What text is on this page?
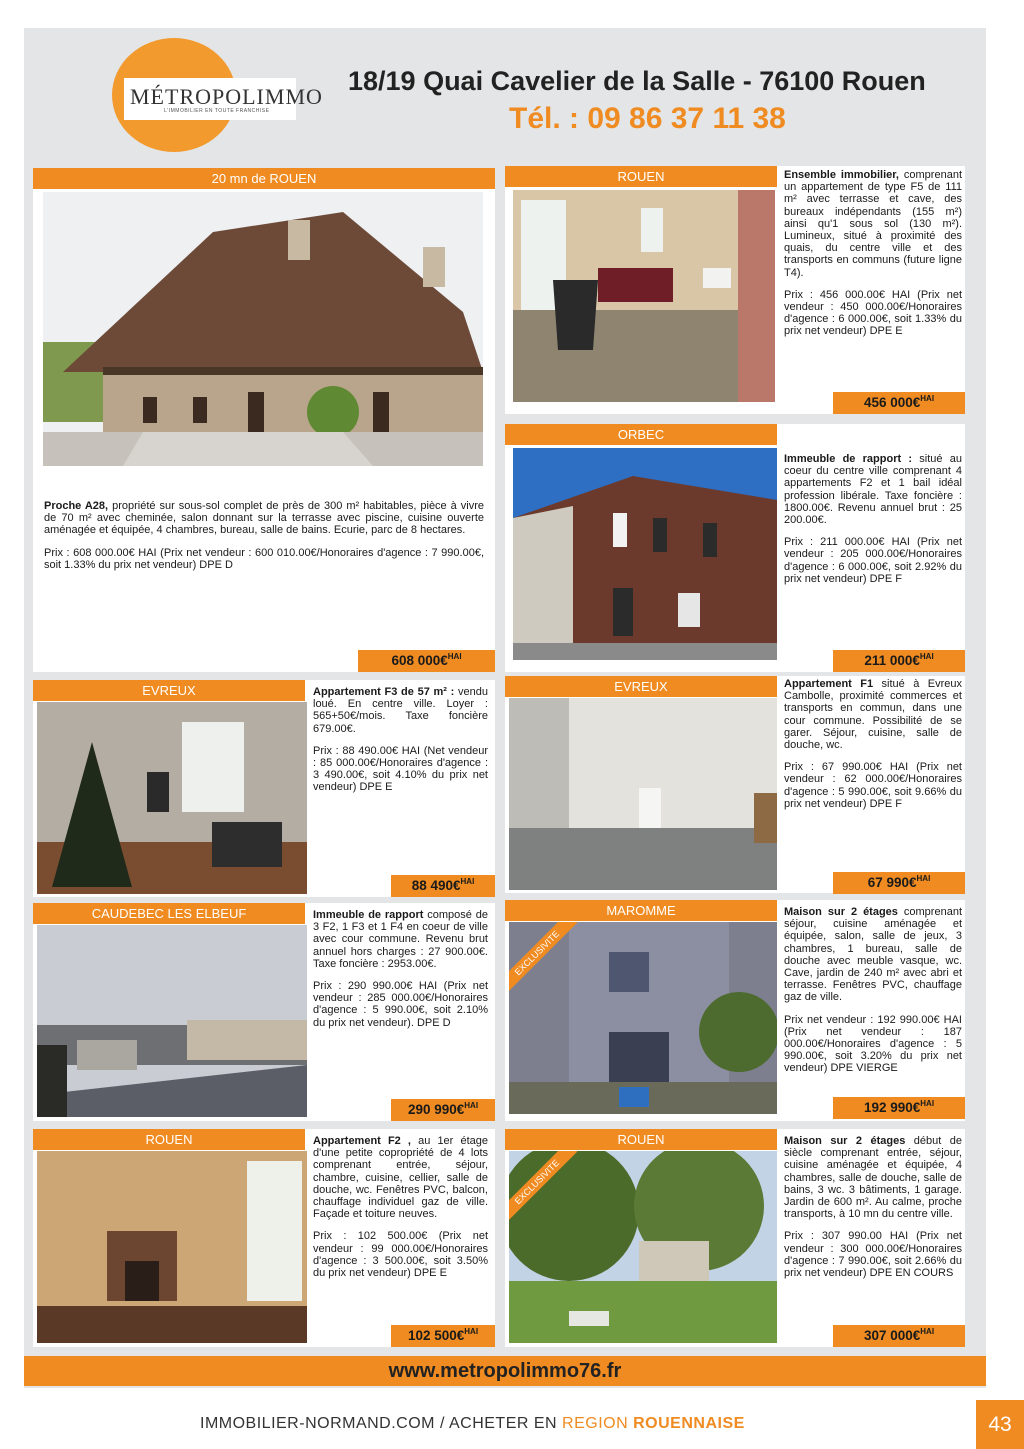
MÉTROPOLIMMO
L'IMMOBILIER EN TOUTE FRANCHISE
18/19 Quai Cavelier de la Salle - 76100 Rouen
Tél. : 09 86 37 11 38
20 mn de ROUEN

Proche A28, propriété sur sous-sol complet de près de 300 m² habitables, pièce à vivre de 70 m² avec cheminée, salon donnant sur la terrasse avec piscine, cuisine ouverte aménagée et équipée, 4 chambres, bureau, salle de bains. Ecurie, parc de 8 hectares.

Prix : 608 000.00€ HAI (Prix net vendeur : 600 010.00€/Honoraires d'agence : 7 990.00€, soit 1.33% du prix net vendeur) DPE D

608 000€$^{HAI}$
ROUEN	Ensemble immobilier, comprenant un appartement de type F5 de 111 m² avec terrasse et cave, des bureaux indépendants (155 m²) ainsi qu'1 sous sol (130 m²). Lumineux, situé à proximité des quais, du centre ville et des transports en communs (future ligne T4).

Prix : 456 000.00€ HAI (Prix net vendeur : 450 000.00€/Honoraires d'agence : 6 000.00€, soit 1.33% du prix net vendeur) DPE E

456 000€$^{HAI}$
ORBEC

Immeuble de rapport : situé au coeur du centre ville comprenant 4 appartements F2 et 1 bail idéal profession libérale. Taxe foncière : 1800.00€. Revenu annuel brut : 25 200.00€.

Prix : 211 000.00€ HAI (Prix net vendeur : 205 000.00€/Honoraires d'agence : 6 000.00€, soit 2.92% du prix net vendeur) DPE F

211 000€$^{HAI}$
EVREUX	Appartement F3 de 57 m² : vendu loué. En centre ville. Loyer : 565+50€/mois. Taxe foncière 679.00€.

Prix : 88 490.00€ HAI (Net vendeur : 85 000.00€/Honoraires d'agence : 3 490.00€, soit 4.10% du prix net vendeur) DPE E

88 490€$^{HAI}$
EVREUX	Appartement F1 situé à Evreux Cambolle, proximité commerces et transports en commun, dans une cour commune. Possibilité de se garer. Séjour, cuisine, salle de douche, wc.

Prix : 67 990.00€ HAI (Prix net vendeur : 62 000.00€/Honoraires d'agence : 5 990.00€, soit 9.66% du prix net vendeur) DPE F

67 990€$^{HAI}$
CAUDEBEC LES ELBEUF	Immeuble de rapport composé de 3 F2, 1 F3 et 1 F4 en coeur de ville avec cour commune. Revenu brut annuel hors charges : 27 900.00€. Taxe foncière : 2953.00€.

Prix : 290 990.00€ HAI (Prix net vendeur : 285 000.00€/Honoraires d'agence : 5 990.00€, soit 2.10% du prix net vendeur). DPE D

290 990€$^{HAI}$
MAROMME
EXCLUSIVITE

Maison sur 2 étages comprenant séjour, cuisine aménagée et équipée, salon, salle de jeux, 3 chambres, 1 bureau, salle de douche avec meuble vasque, wc. Cave, jardin de 240 m² avec abri et terrasse. Fenêtres PVC, chauffage gaz de ville.

Prix net vendeur : 192 990.00€ HAI (Prix net vendeur : 187 000.00€/Honoraires d'agence : 5 990.00€, soit 3.20% du prix net vendeur) DPE VIERGE

192 990€$^{HAI}$
ROUEN	Appartement F2 , au 1er étage d'une petite copropriété de 4 lots comprenant entrée, séjour, chambre, cuisine, cellier, salle de douche, wc. Fenêtres PVC, balcon, chauffage individuel gaz de ville. Façade et toiture neuves.

Prix : 102 500.00€ (Prix net vendeur : 99 000.00€/Honoraires d'agence : 3 500.00€, soit 3.50% du prix net vendeur) DPE E

102 500€$^{HAI}$
ROUEN
EXCLUSIVITE

Maison sur 2 étages début de siècle comprenant entrée, séjour, cuisine aménagée et équipée, 4 chambres, salle de douche, salle de bains, 3 wc. 3 bâtiments, 1 garage. Jardin de 600 m². Au calme, proche transports, à 10 mn du centre ville.

Prix : 307 990.00 HAI (Prix net vendeur : 300 000.00€/Honoraires d'agence : 7 990.00€, soit 2.66% du prix net vendeur) DPE EN COURS

307 000€$^{HAI}$
www.metropolimmo76.fr
IMMOBILIER-NORMAND.COM / ACHETER EN REGION ROUENNAISE	43
